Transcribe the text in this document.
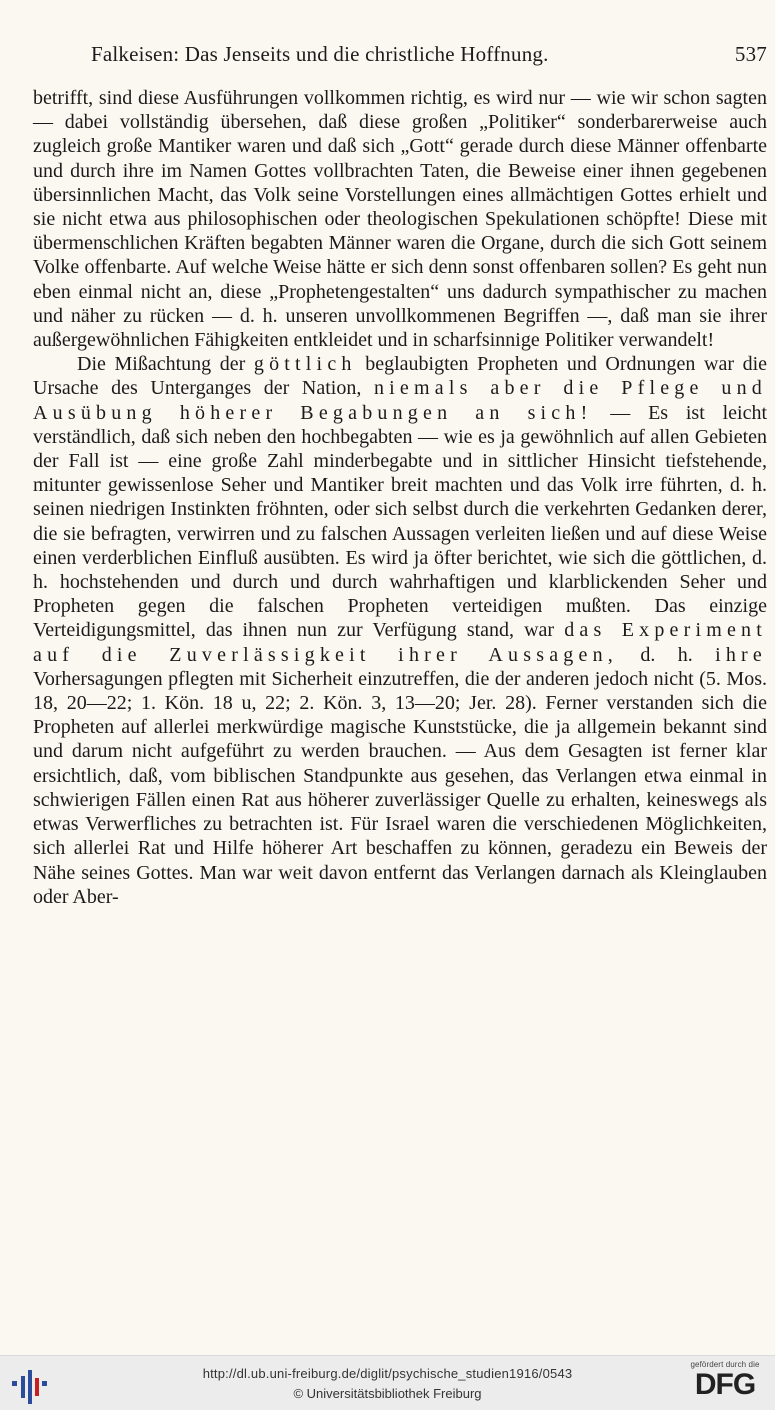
Falkeisen: Das Jenseits und die christliche Hoffnung.	537

betrifft, sind diese Ausführungen vollkommen richtig, es wird nur — wie wir schon sagten — dabei vollständig übersehen, daß diese großen „Politiker“ sonderbarerweise auch zugleich große Mantiker waren und daß sich „Gott“ gerade durch diese Männer offenbarte und durch ihre im Namen Gottes vollbrachten Taten, die Beweise einer ihnen gegebenen übersinnlichen Macht, das Volk seine Vorstellungen eines allmächtigen Gottes erhielt und sie nicht etwa aus philosophischen oder theologischen Spekulationen schöpfte! Diese mit übermenschlichen Kräften begabten Männer waren die Organe, durch die sich Gott seinem Volke offenbarte. Auf welche Weise hätte er sich denn sonst offenbaren sollen? Es geht nun eben einmal nicht an, diese „Prophetengestalten“ uns dadurch sympathischer zu machen und näher zu rücken — d. h. unseren unvollkommenen Begriffen —, daß man sie ihrer außergewöhnlichen Fähigkeiten entkleidet und in scharfsinnige Politiker verwandelt!

Die Mißachtung der göttlich beglaubigten Propheten und Ordnungen war die Ursache des Unterganges der Nation, niemals aber die Pflege und Ausübung höherer Begabungen an sich! — Es ist leicht verständlich, daß sich neben den hochbegabten — wie es ja gewöhnlich auf allen Gebieten der Fall ist — eine große Zahl minderbegabte und in sittlicher Hinsicht tiefstehende, mitunter gewissenlose Seher und Mantiker breit machten und das Volk irre führten, d. h. seinen niedrigen Instinkten fröhnten, oder sich selbst durch die verkehrten Gedanken derer, die sie befragten, verwirren und zu falschen Aussagen verleiten ließen und auf diese Weise einen verderblichen Einfluß ausübten. Es wird ja öfter berichtet, wie sich die göttlichen, d. h. hochstehenden und durch und durch wahrhaftigen und klarblickenden Seher und Propheten gegen die falschen Propheten verteidigen mußten. Das einzige Verteidigungsmittel, das ihnen nun zur Verfügung stand, war das Experiment auf die Zuverlässigkeit ihrer Aussagen, d. h. ihre Vorhersagungen pflegten mit Sicherheit einzutreffen, die der anderen jedoch nicht (5. Mos. 18, 20—22; 1. Kön. 18 u, 22; 2. Kön. 3, 13—20; Jer. 28). Ferner verstanden sich die Propheten auf allerlei merkwürdige magische Kunststücke, die ja allgemein bekannt sind und darum nicht aufgeführt zu werden brauchen. — Aus dem Gesagten ist ferner klar ersichtlich, daß, vom biblischen Standpunkte aus gesehen, das Verlangen etwa einmal in schwierigen Fällen einen Rat aus höherer zuverlässiger Quelle zu erhalten, keineswegs als etwas Verwerfliches zu betrachten ist. Für Israel waren die verschiedenen Möglichkeiten, sich allerlei Rat und Hilfe höherer Art beschaffen zu können, geradezu ein Beweis der Nähe seines Gottes. Man war weit davon entfernt das Verlangen darnach als Kleinglauben oder Aber-

http://dl.ub.uni-freiburg.de/diglit/psychische_studien1916/0543
© Universitätsbibliothek Freiburg
gefördert durch die
DFG
